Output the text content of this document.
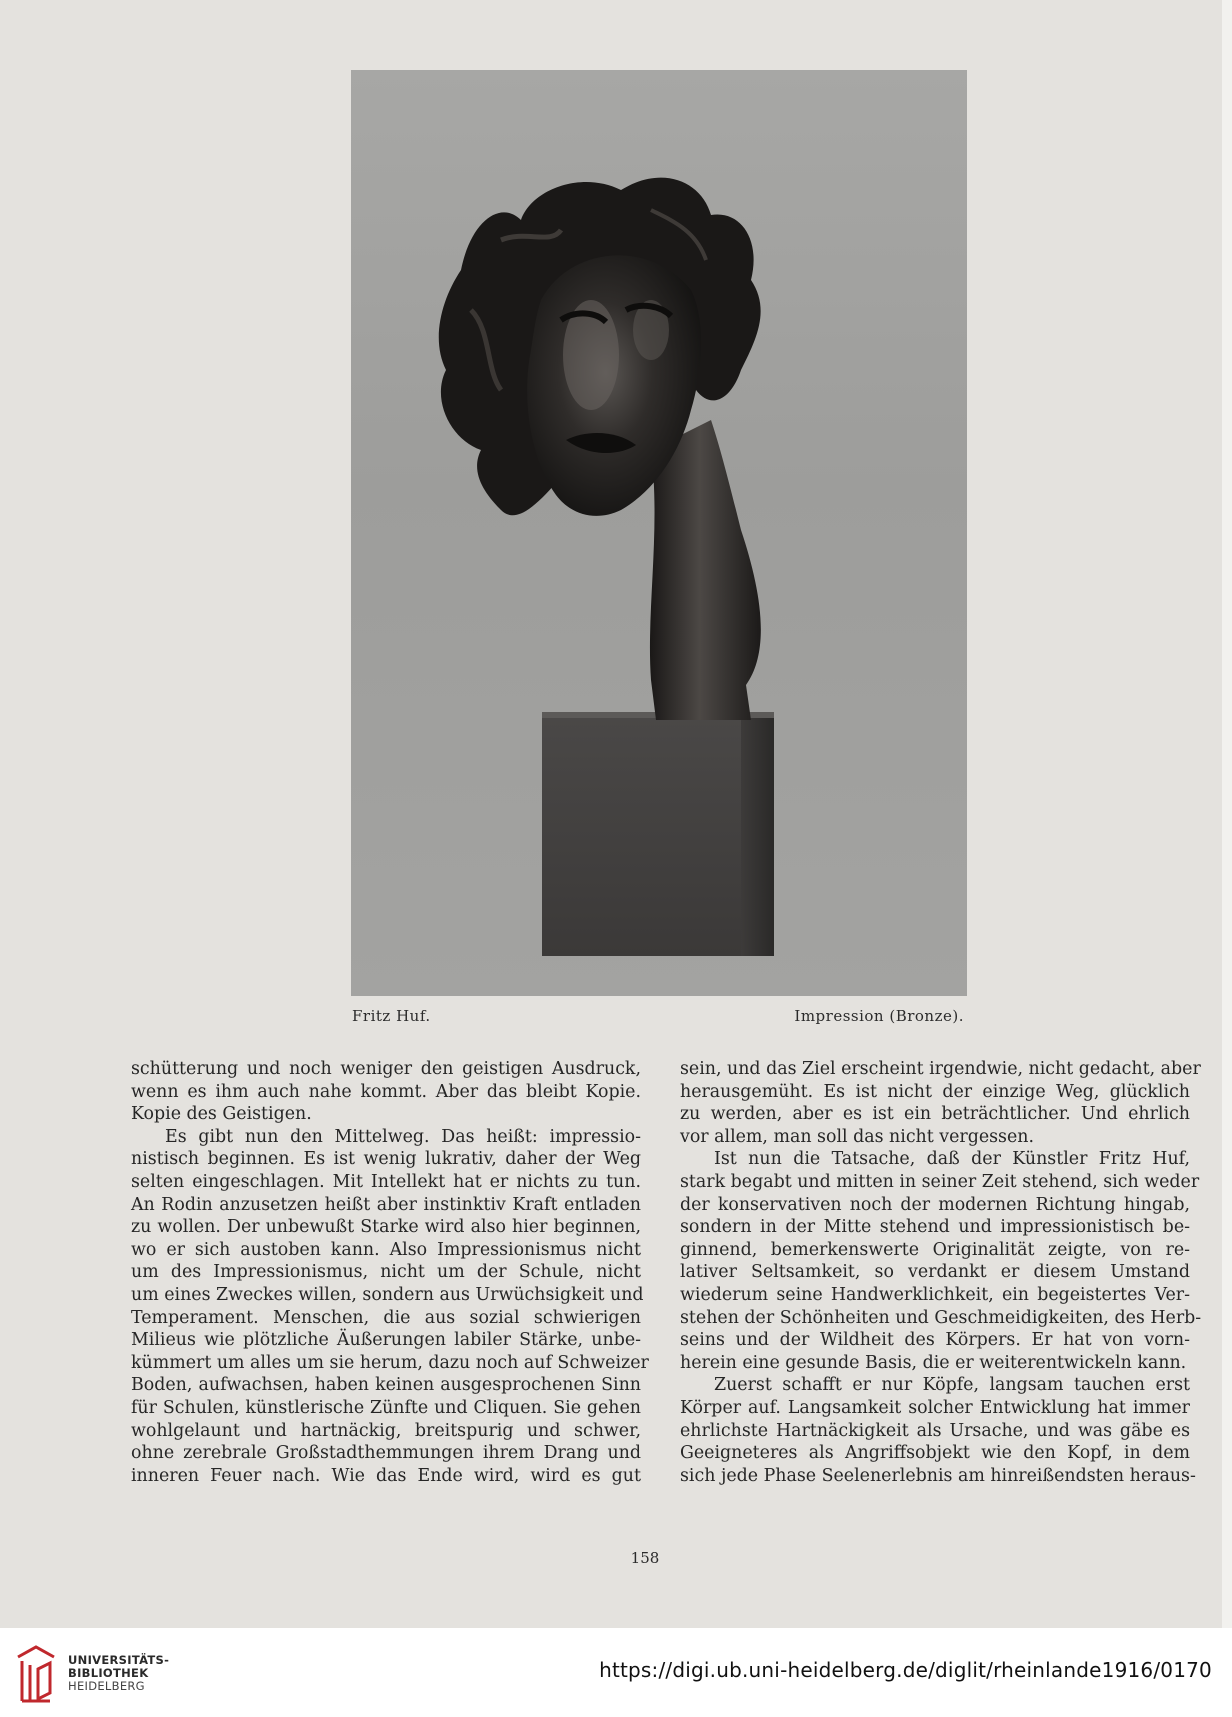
Fritz Huf.	Impression (Bronze).
schütterung und noch weniger den geistigen Ausdruck,
wenn es ihm auch nahe kommt. Aber das bleibt Kopie.
Kopie des Geistigen.
Es gibt nun den Mittelweg. Das heißt: impressio-
nistisch beginnen. Es ist wenig lukrativ, daher der Weg
selten eingeschlagen. Mit Intellekt hat er nichts zu tun.
An Rodin anzusetzen heißt aber instinktiv Kraft entladen
zu wollen. Der unbewußt Starke wird also hier beginnen,
wo er sich austoben kann. Also Impressionismus nicht
um des Impressionismus, nicht um der Schule, nicht
um eines Zweckes willen, sondern aus Urwüchsigkeit und
Temperament. Menschen, die aus sozial schwierigen
Milieus wie plötzliche Äußerungen labiler Stärke, unbe-
kümmert um alles um sie herum, dazu noch auf Schweizer
Boden, aufwachsen, haben keinen ausgesprochenen Sinn
für Schulen, künstlerische Zünfte und Cliquen. Sie gehen
wohlgelaunt und hartnäckig, breitspurig und schwer,
ohne zerebrale Großstadthemmungen ihrem Drang und
inneren Feuer nach. Wie das Ende wird, wird es gut
sein, und das Ziel erscheint irgendwie, nicht gedacht, aber
herausgemüht. Es ist nicht der einzige Weg, glücklich
zu werden, aber es ist ein beträchtlicher. Und ehrlich
vor allem, man soll das nicht vergessen.
Ist nun die Tatsache, daß der Künstler Fritz Huf,
stark begabt und mitten in seiner Zeit stehend, sich weder
der konservativen noch der modernen Richtung hingab,
sondern in der Mitte stehend und impressionistisch be-
ginnend, bemerkenswerte Originalität zeigte, von re-
lativer Seltsamkeit, so verdankt er diesem Umstand
wiederum seine Handwerklichkeit, ein begeistertes Ver-
stehen der Schönheiten und Geschmeidigkeiten, des Herb-
seins und der Wildheit des Körpers. Er hat von vorn-
herein eine gesunde Basis, die er weiterentwickeln kann.
Zuerst schafft er nur Köpfe, langsam tauchen erst
Körper auf. Langsamkeit solcher Entwicklung hat immer
ehrlichste Hartnäckigkeit als Ursache, und was gäbe es
Geeigneteres als Angriffsobjekt wie den Kopf, in dem
sich jede Phase Seelenerlebnis am hinreißendsten heraus-
158
UNIVERSITÄTS-
BIBLIOTHEK
HEIDELBERG
https://digi.ub.uni-heidelberg.de/diglit/rheinlande1916/0170
